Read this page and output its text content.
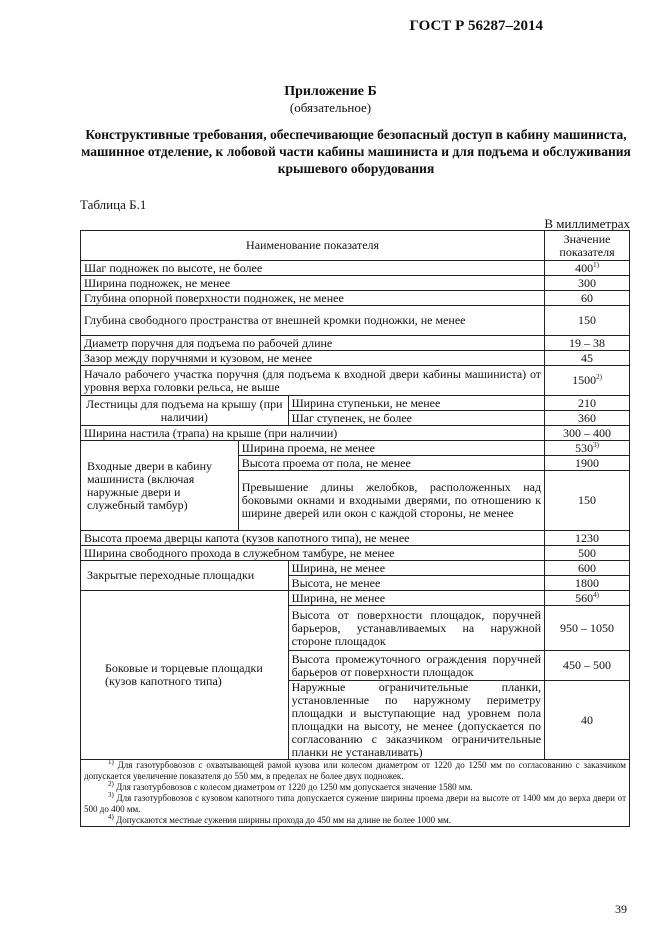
ГОСТ Р 56287–2014
Приложение Б
(обязательное)
Конструктивные требования, обеспечивающие безопасный доступ в кабину машиниста, машинное отделение, к лобовой части кабины машиниста и для подъема и обслуживания крышевого оборудования
Таблица Б.1
В миллиметрах
Наименование показателя			Значение показателя
Шаг подножек по высоте, не более			400$^{1)}$
Ширина подножек, не менее			300
Глубина опорной поверхности подножек, не менее			60
Глубина свободного пространства от внешней кромки подножки, не менее			150
Диаметр поручня для подъема по рабочей длине			19 – 38
Зазор между поручнями и кузовом, не менее			45
Начало рабочего участка поручня (для подъема к входной двери кабины машиниста) от уровня верха головки рельса, не выше			1500$^{2)}$
Лестницы для подъема на крышу (при наличии)		Ширина ступеньки, не менее	210
		Шаг ступенек, не более	360
Ширина настила (трапа) на крыше (при наличии)			300 – 400
Входные двери в кабину машиниста (включая наружные двери и служебный тамбур)	Ширина проема, не менее		530$^{3)}$
	Высота проема от пола, не менее		1900
	Превышение длины желобков, расположенных над боковыми окнами и входными дверями, по отношению к ширине дверей или окон с каждой стороны, не менее		150
Высота проема дверцы капота (кузов капотного типа), не менее			1230
Ширина свободного прохода в служебном тамбуре, не менее			500
Закрытые переходные площадки		Ширина, не менее	600
		Высота, не менее	1800
Боковые и торцевые площадки (кузов капотного типа)		Ширина, не менее	560$^{4)}$
		Высота от поверхности площадок, поручней барьеров, устанавливаемых на наружной стороне площадок	950 – 1050
		Высота промежуточного ограждения поручней барьеров от поверхности площадок	450 – 500
		Наружные ограничительные планки, установленные по наружному периметру площадки и выступающие над уровнем пола площадки на высоту, не менее (допускается по согласованию с заказчиком ограничительные планки не устанавливать)	40

$^{1)}$ Для газотурбовозов с охватывающей рамой кузова или колесом диаметром от 1220 до 1250 мм по согласованию с заказчиком допускается увеличение показателя до 550 мм, в пределах не более двух подножек.
$^{2)}$ Для газотурбовозов с колесом диаметром от 1220 до 1250 мм допускается значение 1580 мм.
$^{3)}$ Для газотурбовозов с кузовом капотного типа допускается сужение ширины проема двери на высоте от 1400 мм до верха двери от 500 до 400 мм.
$^{4)}$ Допускаются местные сужения ширины прохода до 450 мм на длине не более 1000 мм.			
39
